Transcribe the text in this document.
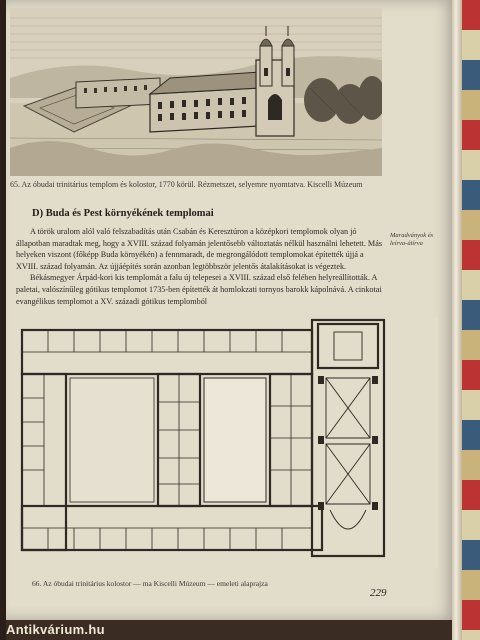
65. Az óbudai trinitárius templom és kolostor, 1770 körül. Rézmetszet, selyemre nyomtatva. Kiscelli Múzeum
D) Buda és Pest környékének templomai
Maradványok és leírva-átírva

A török uralom alól való felszabadítás után Csabán és Keresztúron a középkori templomok olyan jó állapotban maradtak meg, hogy a XVIII. század folyamán jelentősebb változtatás nélkül használni lehetett. Más helyeken viszont (főképp Buda környékén) a fennmaradt, de megrongálódott templomokat építették újjá a XVIII. század folyamán. Az újjáépítés során azonban legtöbbször jelentős átalakításokat is végeztek.

Békásmegyer Árpád-kori kis templomát a falu új telepesei a XVIII. század első felében helyreállították. A paletai, valószínűleg gótikus templomot 1735-ben építették át homlokzati tornyos barokk kápolnává. A cinkotai evangélikus templomot a XV. századi gótikus templomból

66. Az óbudai trinitárius kolostor — ma Kiscelli Múzeum — emeleti alaprajza
229
Antikvárium.hu
